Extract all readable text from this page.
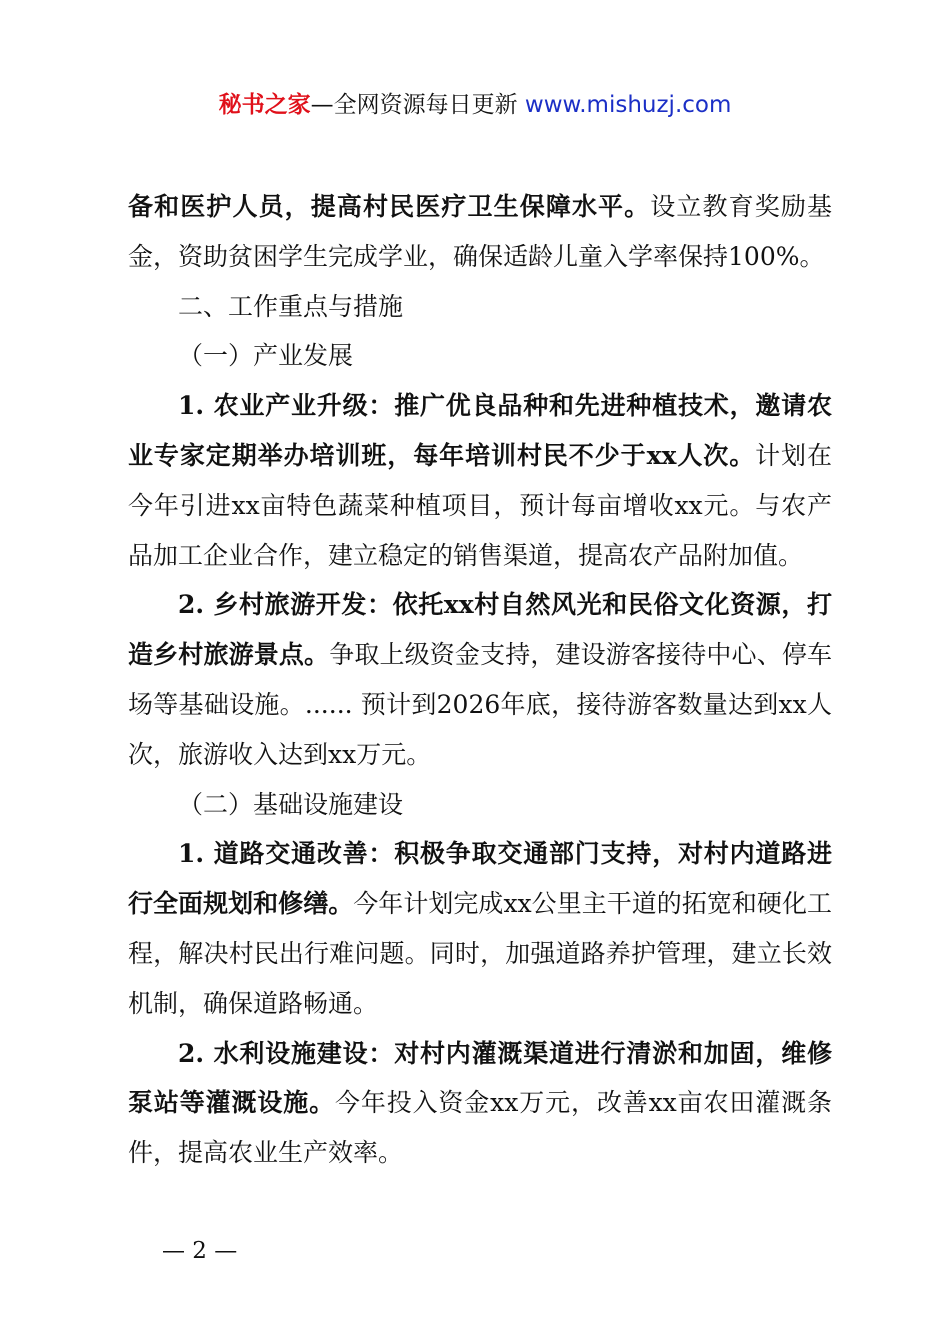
秘书之家—全网资源每日更新 www.mishuzj.com

备和医护人员，提高村民医疗卫生保障水平。设立教育奖励基金，资助贫困学生完成学业，确保适龄儿童入学率保持100%。

二、工作重点与措施

（一）产业发展

1. 农业产业升级：推广优良品种和先进种植技术，邀请农业专家定期举办培训班，每年培训村民不少于xx人次。计划在今年引进xx亩特色蔬菜种植项目，预计每亩增收xx元。与农产品加工企业合作，建立稳定的销售渠道，提高农产品附加值。

2. 乡村旅游开发：依托xx村自然风光和民俗文化资源，打造乡村旅游景点。争取上级资金支持，建设游客接待中心、停车场等基础设施。...... 预计到2026年底，接待游客数量达到xx人次，旅游收入达到xx万元。

（二）基础设施建设

1. 道路交通改善：积极争取交通部门支持，对村内道路进行全面规划和修缮。今年计划完成xx公里主干道的拓宽和硬化工程，解决村民出行难问题。同时，加强道路养护管理，建立长效机制，确保道路畅通。

2. 水利设施建设：对村内灌溉渠道进行清淤和加固，维修泵站等灌溉设施。今年投入资金xx万元，改善xx亩农田灌溉条件，提高农业生产效率。

— 2 —
